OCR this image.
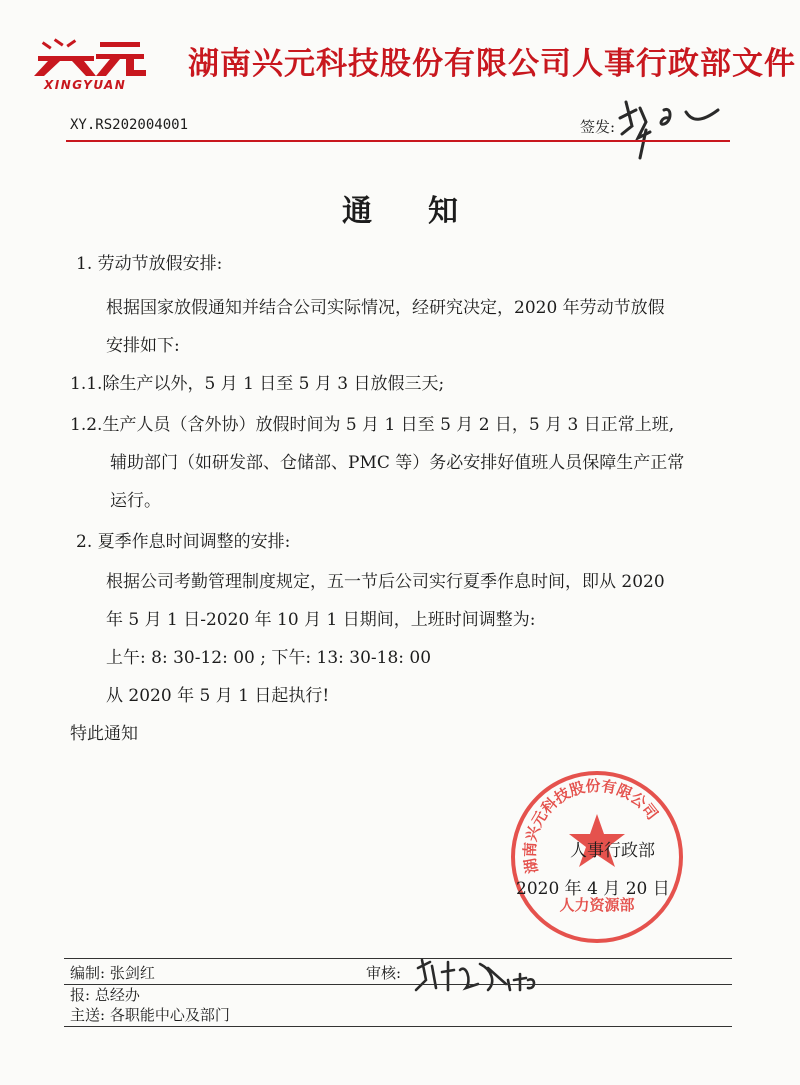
XINGYUAN
湖南兴元科技股份有限公司人事行政部文件
XY.RS202004001	签发:
通知
1. 劳动节放假安排:
根据国家放假通知并结合公司实际情况，经研究决定，2020 年劳动节放假
安排如下:
1.1.除生产以外，5 月 1 日至 5 月 3 日放假三天;
1.2.生产人员（含外协）放假时间为 5 月 1 日至 5 月 2 日，5 月 3 日正常上班,
辅助部门（如研发部、仓储部、PMC 等）务必安排好值班人员保障生产正常
运行。
2. 夏季作息时间调整的安排:
根据公司考勤管理制度规定，五一节后公司实行夏季作息时间，即从 2020
年 5 月 1 日-2020 年 10 月 1 日期间，上班时间调整为:
上午: 8: 30-12: 00 ; 下午: 13: 30-18: 00
从 2020 年 5 月 1 日起执行!
特此通知
湖南兴元科技股份有限公司
人力资源部
人事行政部
2020 年 4 月 20 日
编制: 张剑红	审核:
报: 总经办
主送: 各职能中心及部门
